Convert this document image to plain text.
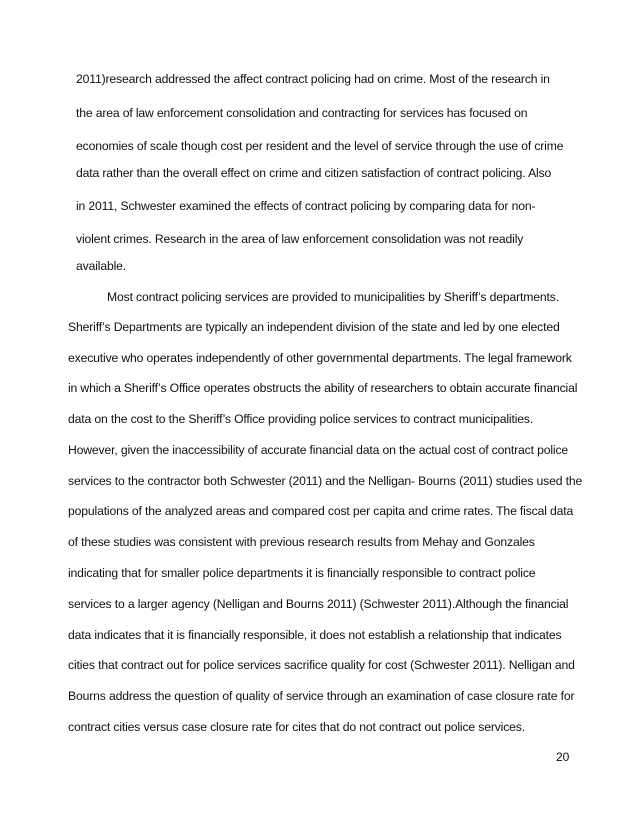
2011)research addressed the affect contract policing had on crime. Most of the research in
the area of law enforcement consolidation and contracting for services has focused on
economies of scale though cost per resident and the level of service through the use of crime
data rather than the overall effect on crime and citizen satisfaction of contract policing. Also
in 2011, Schwester examined the effects of contract policing by comparing data for non-
violent crimes. Research in the area of law enforcement consolidation was not readily
available.
Most contract policing services are provided to municipalities by Sheriff’s departments.
Sheriff’s Departments are typically an independent division of the state and led by one elected
executive who operates independently of other governmental departments. The legal framework
in which a Sheriff’s Office operates obstructs the ability of researchers to obtain accurate financial
data on the cost to the Sheriff’s Office providing police services to contract municipalities.
However, given the inaccessibility of accurate financial data on the actual cost of contract police
services to the contractor both Schwester (2011) and the Nelligan- Bourns (2011) studies used the
populations of the analyzed areas and compared cost per capita and crime rates. The fiscal data
of these studies was consistent with previous research results from Mehay and Gonzales
indicating that for smaller police departments it is financially responsible to contract police
services to a larger agency (Nelligan and Bourns 2011) (Schwester 2011).Although the financial
data indicates that it is financially responsible, it does not establish a relationship that indicates
cities that contract out for police services sacrifice quality for cost (Schwester 2011). Nelligan and
Bourns address the question of quality of service through an examination of case closure rate for
contract cities versus case closure rate for cites that do not contract out police services.
20
